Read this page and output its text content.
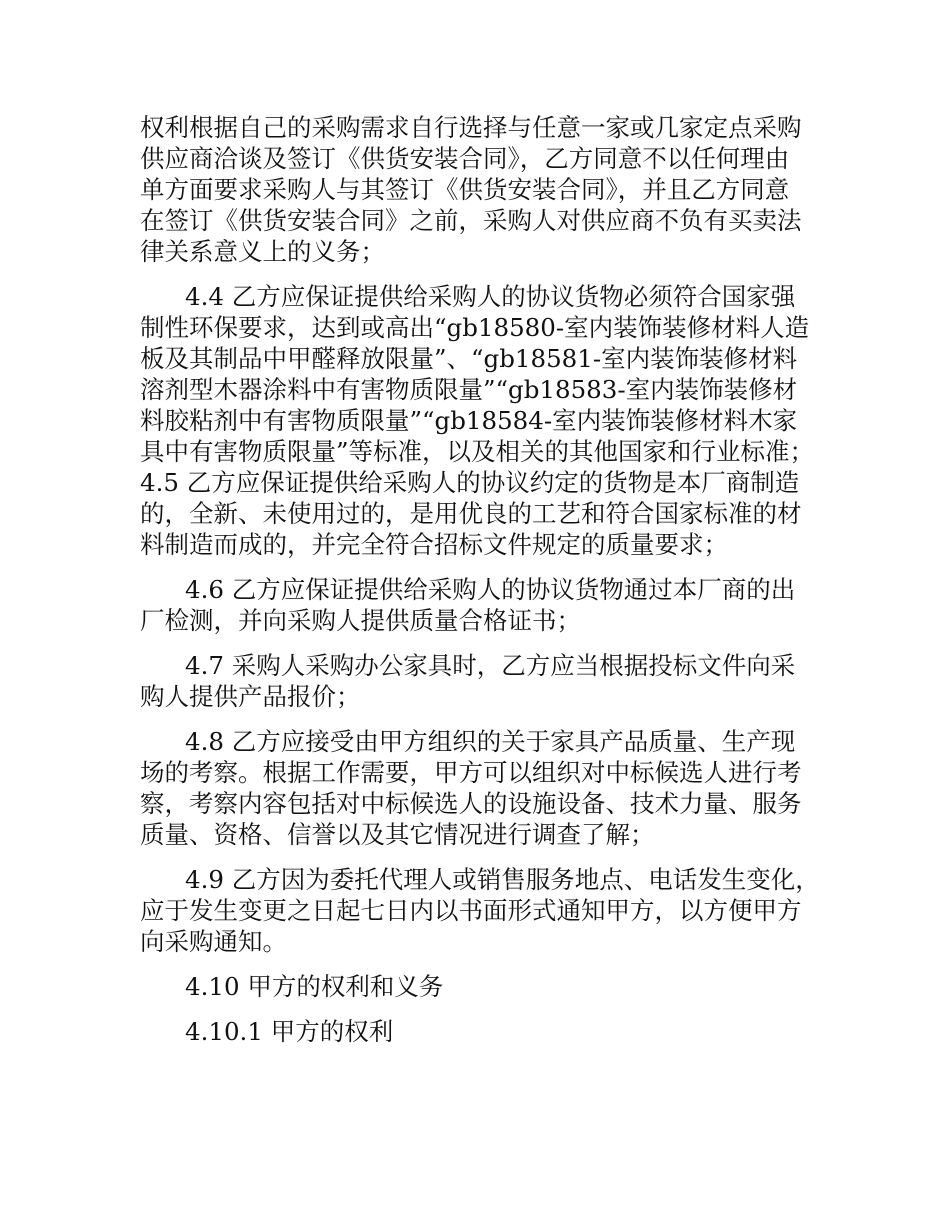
权利根据自己的采购需求自行选择与任意一家或几家定点采购
供应商洽谈及签订《供货安装合同》，乙方同意不以任何理由
单方面要求采购人与其签订《供货安装合同》，并且乙方同意
在签订《供货安装合同》之前，采购人对供应商不负有买卖法
律关系意义上的义务；

4.4 乙方应保证提供给采购人的协议货物必须符合国家强
制性环保要求，达到或高出“gb18580-室内装饰装修材料人造
板及其制品中甲醛释放限量”、“gb18581-室内装饰装修材料
溶剂型木器涂料中有害物质限量”“gb18583-室内装饰装修材
料胶粘剂中有害物质限量”“gb18584-室内装饰装修材料木家
具中有害物质限量”等标准，以及相关的其他国家和行业标准；

4.5 乙方应保证提供给采购人的协议约定的货物是本厂商制造
的，全新、未使用过的，是用优良的工艺和符合国家标准的材
料制造而成的，并完全符合招标文件规定的质量要求；

4.6 乙方应保证提供给采购人的协议货物通过本厂商的出
厂检测，并向采购人提供质量合格证书；

4.7 采购人采购办公家具时，乙方应当根据投标文件向采
购人提供产品报价；

4.8 乙方应接受由甲方组织的关于家具产品质量、生产现
场的考察。根据工作需要，甲方可以组织对中标候选人进行考
察，考察内容包括对中标候选人的设施设备、技术力量、服务
质量、资格、信誉以及其它情况进行调查了解；

4.9 乙方因为委托代理人或销售服务地点、电话发生变化，
应于发生变更之日起七日内以书面形式通知甲方，以方便甲方
向采购通知。

4.10 甲方的权利和义务

4.10.1 甲方的权利
